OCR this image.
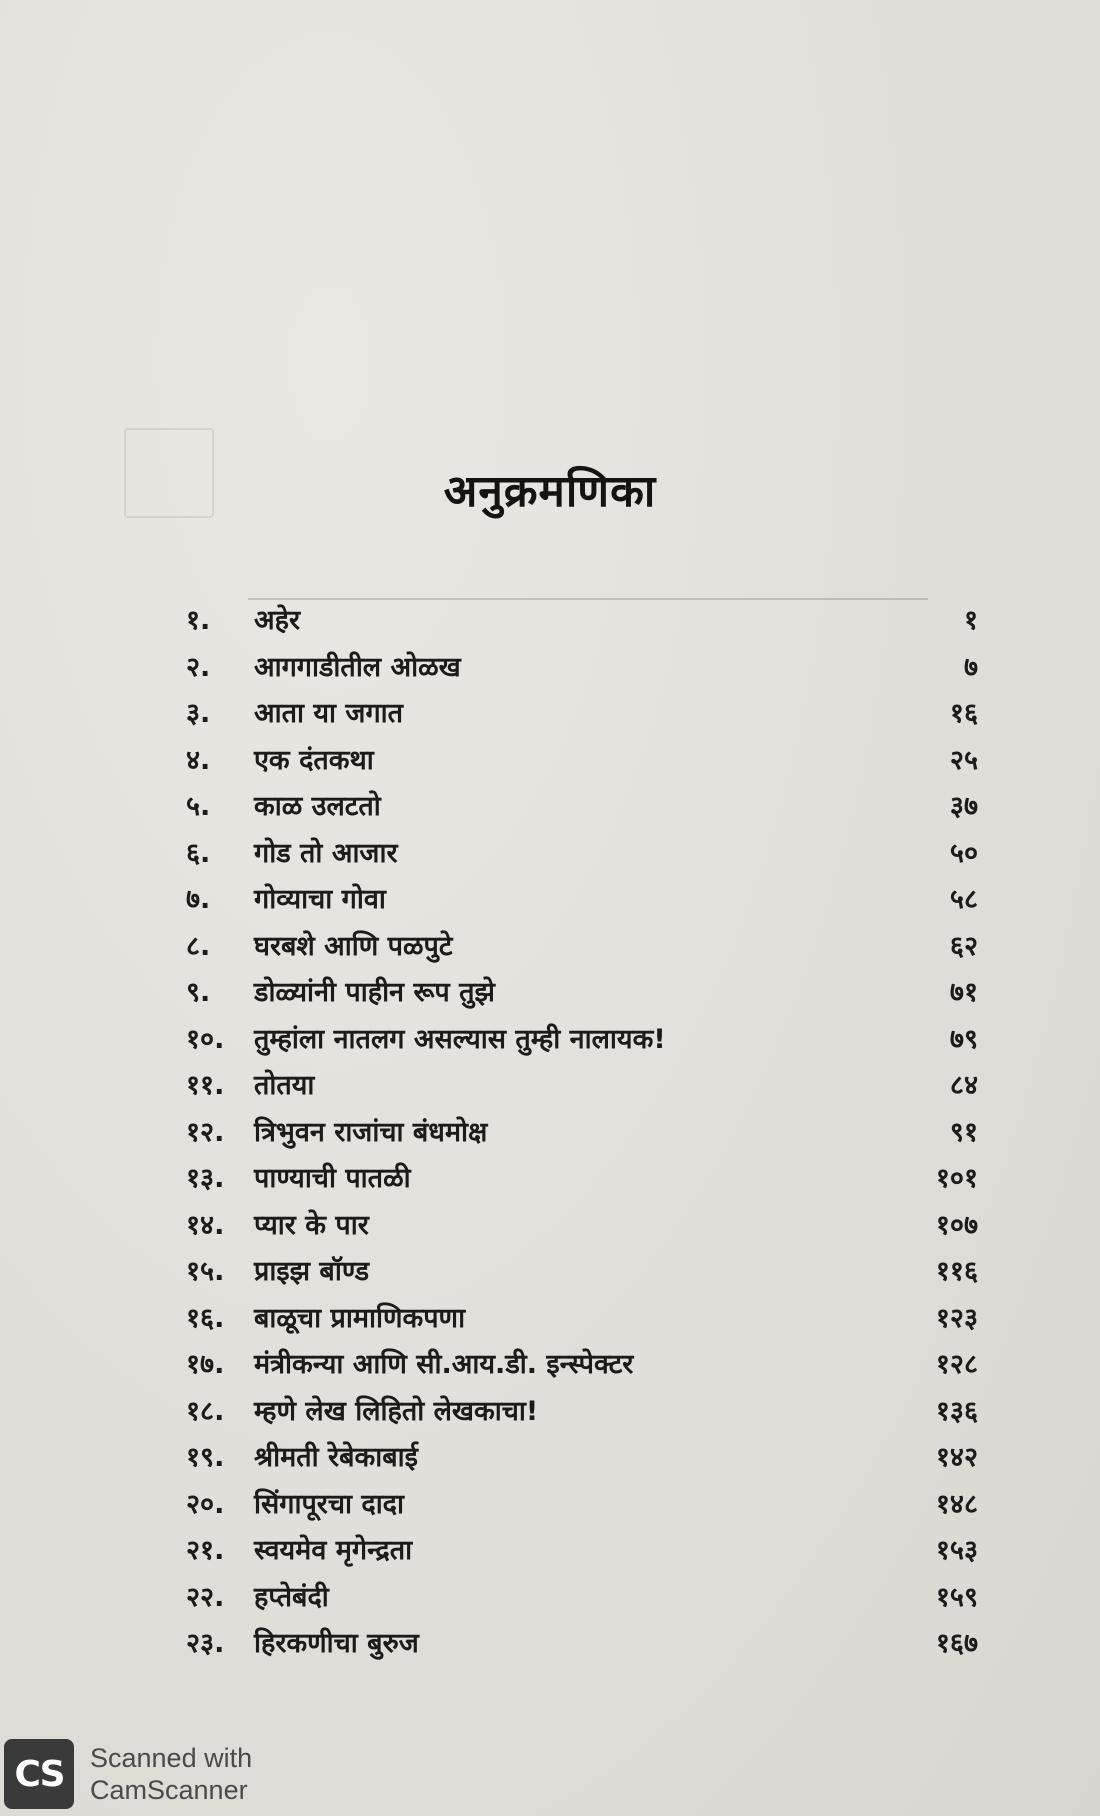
अनुक्रमणिका
१.	अहेर	१
२.	आगगाडीतील ओळख	७
३.	आता या जगात	१६
४.	एक दंतकथा	२५
५.	काळ उलटतो	३७
६.	गोड तो आजार	५०
७.	गोव्याचा गोवा	५८
८.	घरबशे आणि पळपुटे	६२
९.	डोळ्यांनी पाहीन रूप तुझे	७१
१०.	तुम्हांला नातलग असल्यास तुम्ही नालायक!	७९
११.	तोतया	८४
१२.	त्रिभुवन राजांचा बंधमोक्ष	९१
१३.	पाण्याची पातळी	१०१
१४.	प्यार के पार	१०७
१५.	प्राइझ बॉण्ड	११६
१६.	बाळूचा प्रामाणिकपणा	१२३
१७.	मंत्रीकन्या आणि सी.आय.डी. इन्स्पेक्टर	१२८
१८.	म्हणे लेख लिहितो लेखकाचा!	१३६
१९.	श्रीमती रेबेकाबाई	१४२
२०.	सिंगापूरचा दादा	१४८
२१.	स्वयमेव मृगेन्द्रता	१५३
२२.	हप्तेबंदी	१५९
२३.	हिरकणीचा बुरुज	१६७
CS Scanned with
CamScanner
